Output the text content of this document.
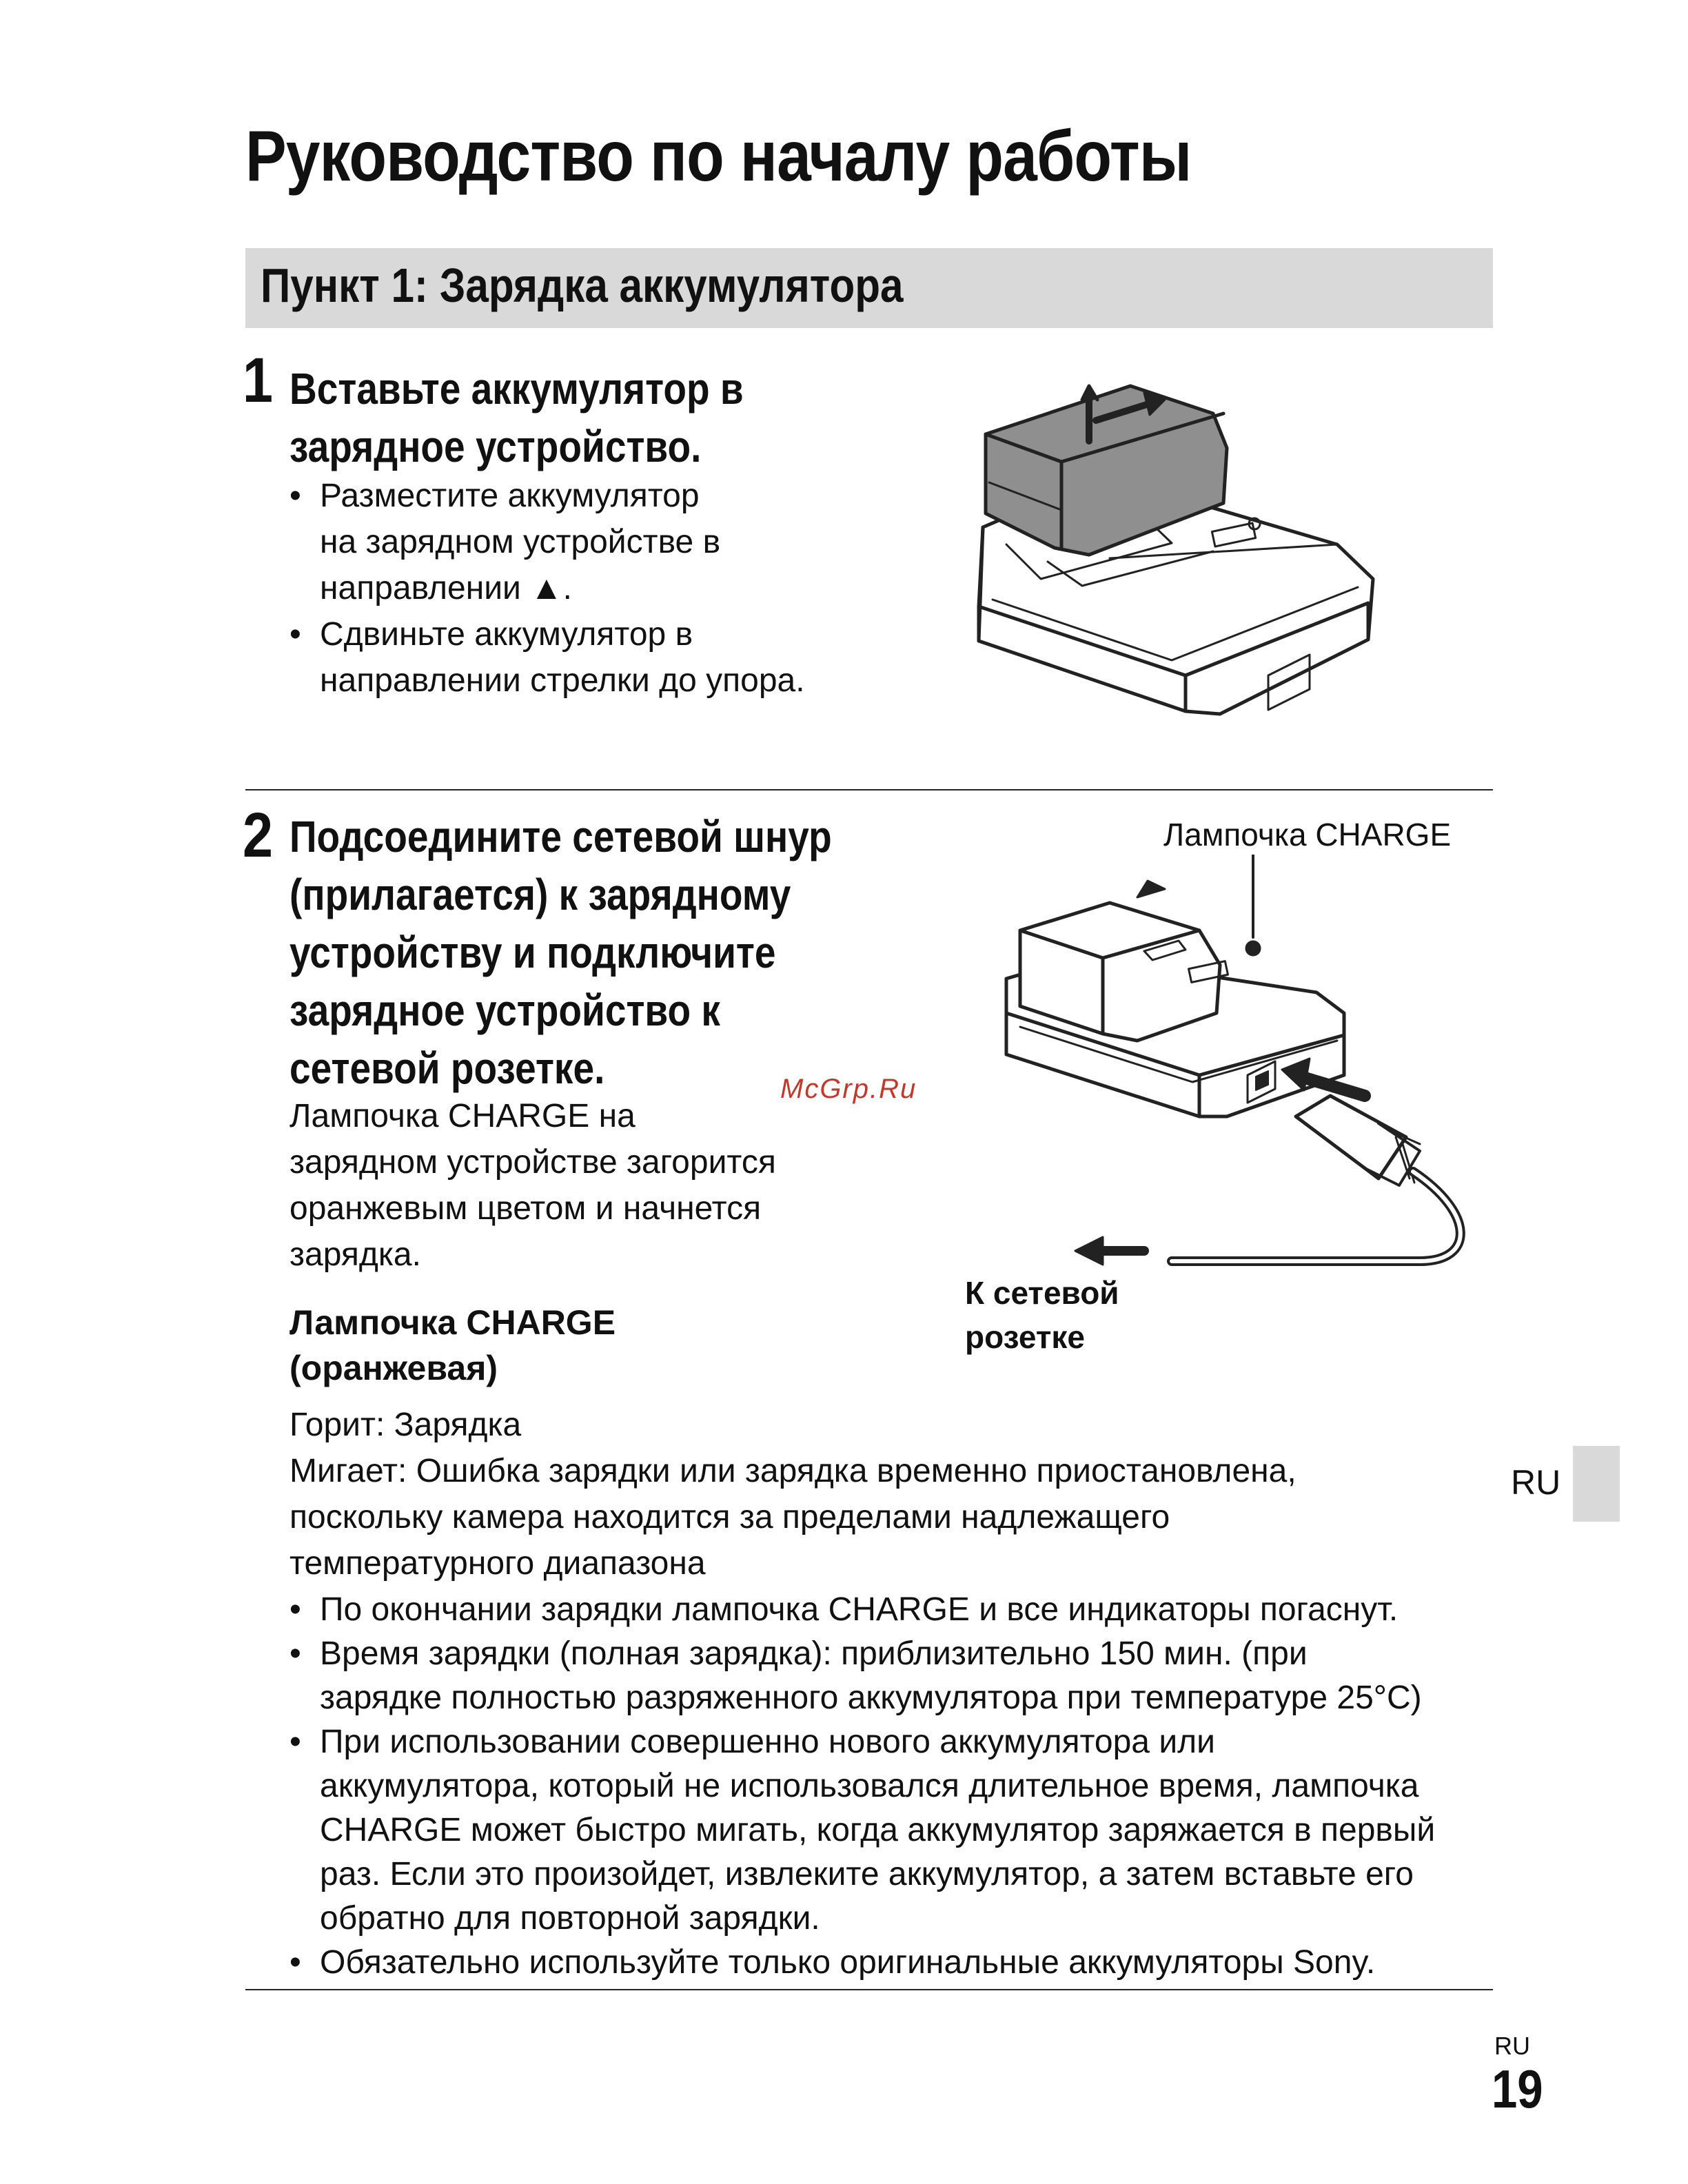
Руководство по началу работы
Пункт 1: Зарядка аккумулятора
1 Вставьте аккумулятор в
зарядное устройство.
• Разместите аккумулятор
на зарядном устройстве в
направлении ▲.
• Сдвиньте аккумулятор в
направлении стрелки до упора.
2 Подсоедините сетевой шнур
(прилагается) к зарядному
устройству и подключите
зарядное устройство к
сетевой розетке.
Лампочка CHARGE на
зарядном устройстве загорится
оранжевым цветом и начнется
зарядка.
McGrp.Ru
Лампочка CHARGE
(оранжевая)
Горит: Зарядка
Мигает: Ошибка зарядки или зарядка временно приостановлена,
поскольку камера находится за пределами надлежащего
температурного диапазона
• По окончании зарядки лампочка CHARGE и все индикаторы погаснут.
• Время зарядки (полная зарядка): приблизительно 150 мин. (при
зарядке полностью разряженного аккумулятора при температуре 25°C)
• При использовании совершенно нового аккумулятора или
аккумулятора, который не использовался длительное время, лампочка
CHARGE может быстро мигать, когда аккумулятор заряжается в первый
раз. Если это произойдет, извлеките аккумулятор, а затем вставьте его
обратно для повторной зарядки.
• Обязательно используйте только оригинальные аккумуляторы Sony.
Лампочка CHARGE
К сетевой
розетке
RU
RU
19
